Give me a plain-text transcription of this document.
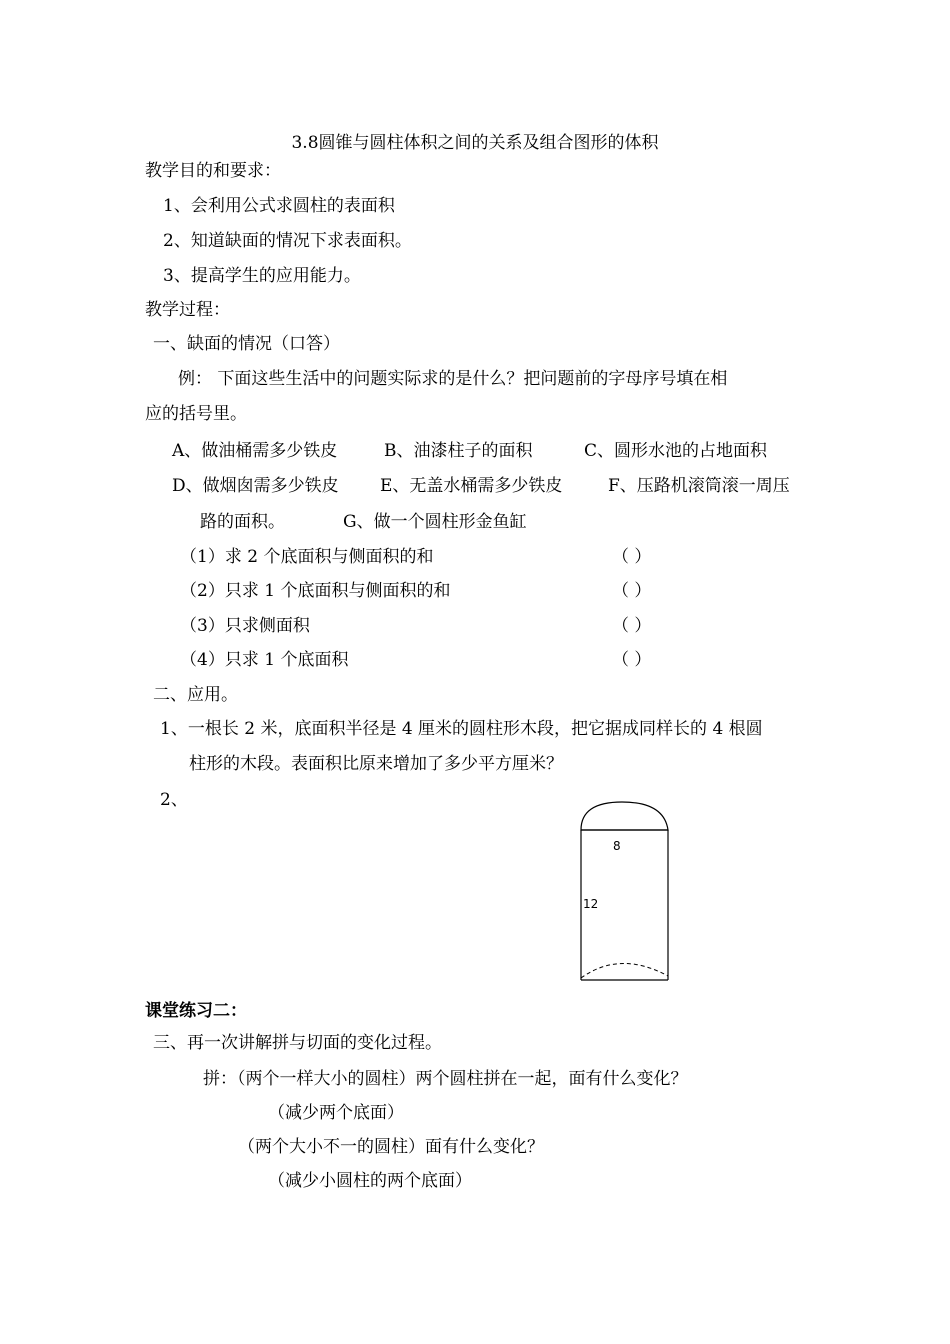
3.8圆锥与圆柱体积之间的关系及组合图形的体积
教学目的和要求：
1、会利用公式求圆柱的表面积
2、知道缺面的情况下求表面积。
3、提高学生的应用能力。
教学过程：
一、缺面的情况（口答）
例： 下面这些生活中的问题实际求的是什么？把问题前的字母序号填在相
应的括号里。
A、做油桶需多少铁皮	B、油漆柱子的面积	C、圆形水池的占地面积
D、做烟囱需多少铁皮 E、无盖水桶需多少铁皮	F、压路机滚筒滚一周压
路的面积。	G、做一个圆柱形金鱼缸
（1）求 2 个底面积与侧面积的和	（ ）
（2）只求 1 个底面积与侧面积的和	（ ）
（3）只求侧面积	（ ）
（4）只求 1 个底面积	（ ）
二、应用。
1、一根长 2 米，底面积半径是 4 厘米的圆柱形木段，把它据成同样长的 4 根圆
柱形的木段。表面积比原来增加了多少平方厘米？
2、
8
12
课堂练习二：
三、再一次讲解拼与切面的变化过程。
拼：（两个一样大小的圆柱）两个圆柱拼在一起，面有什么变化？
（减少两个底面）
（两个大小不一的圆柱）面有什么变化？
（减少小圆柱的两个底面）
